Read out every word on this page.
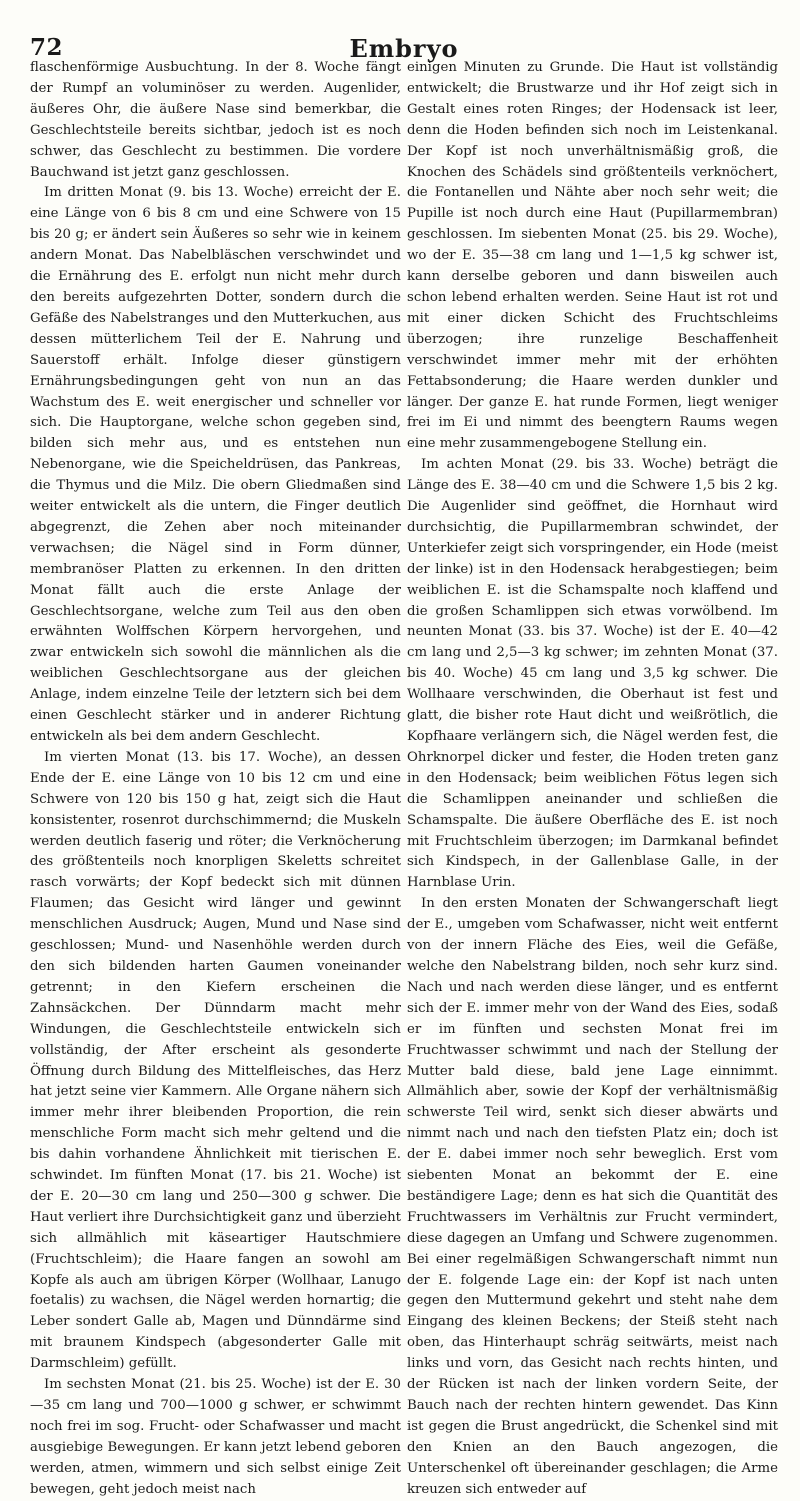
72	Embryo

flaschenförmige Ausbuchtung. In der 8. Woche fängt der Rumpf an voluminöser zu werden. Augenlider, äußeres Ohr, die äußere Nase sind bemerkbar, die Geschlechtsteile bereits sichtbar, jedoch ist es noch schwer, das Geschlecht zu bestimmen. Die vordere Bauchwand ist jetzt ganz geschlossen.

Im dritten Monat (9. bis 13. Woche) erreicht der E. eine Länge von 6 bis 8 cm und eine Schwere von 15 bis 20 g; er ändert sein Äußeres so sehr wie in keinem andern Monat. Das Nabelbläschen verschwindet und die Ernährung des E. erfolgt nun nicht mehr durch den bereits aufgezehrten Dotter, sondern durch die Gefäße des Nabelstranges und den Mutterkuchen, aus dessen mütterlichem Teil der E. Nahrung und Sauerstoff erhält. Infolge dieser günstigern Ernährungsbedingungen geht von nun an das Wachstum des E. weit energischer und schneller vor sich. Die Hauptorgane, welche schon gegeben sind, bilden sich mehr aus, und es entstehen nun Nebenorgane, wie die Speicheldrüsen, das Pankreas, die Thymus und die Milz. Die obern Gliedmaßen sind weiter entwickelt als die untern, die Finger deutlich abgegrenzt, die Zehen aber noch miteinander verwachsen; die Nägel sind in Form dünner, membranöser Platten zu erkennen. In den dritten Monat fällt auch die erste Anlage der Geschlechtsorgane, welche zum Teil aus den oben erwähnten Wolffschen Körpern hervorgehen, und zwar entwickeln sich sowohl die männlichen als die weiblichen Geschlechtsorgane aus der gleichen Anlage, indem einzelne Teile der letztern sich bei dem einen Geschlecht stärker und in anderer Richtung entwickeln als bei dem andern Geschlecht.

Im vierten Monat (13. bis 17. Woche), an dessen Ende der E. eine Länge von 10 bis 12 cm und eine Schwere von 120 bis 150 g hat, zeigt sich die Haut konsistenter, rosenrot durchschimmernd; die Muskeln werden deutlich faserig und röter; die Verknöcherung des größtenteils noch knorpligen Skeletts schreitet rasch vorwärts; der Kopf bedeckt sich mit dünnen Flaumen; das Gesicht wird länger und gewinnt menschlichen Ausdruck; Augen, Mund und Nase sind geschlossen; Mund- und Nasenhöhle werden durch den sich bildenden harten Gaumen voneinander getrennt; in den Kiefern erscheinen die Zahnsäckchen. Der Dünndarm macht mehr Windungen, die Geschlechtsteile entwickeln sich vollständig, der After erscheint als gesonderte Öffnung durch Bildung des Mittelfleisches, das Herz hat jetzt seine vier Kammern. Alle Organe nähern sich immer mehr ihrer bleibenden Proportion, die rein menschliche Form macht sich mehr geltend und die bis dahin vorhandene Ähnlichkeit mit tierischen E. schwindet. Im fünften Monat (17. bis 21. Woche) ist der E. 20—30 cm lang und 250—300 g schwer. Die Haut verliert ihre Durchsichtigkeit ganz und überzieht sich allmählich mit käseartiger Hautschmiere (Fruchtschleim); die Haare fangen an sowohl am Kopfe als auch am übrigen Körper (Wollhaar, Lanugo foetalis) zu wachsen, die Nägel werden hornartig; die Leber sondert Galle ab, Magen und Dünndärme sind mit braunem Kindspech (abgesonderter Galle mit Darmschleim) gefüllt.

Im sechsten Monat (21. bis 25. Woche) ist der E. 30—35 cm lang und 700—1000 g schwer, er schwimmt noch frei im sog. Frucht- oder Schafwasser und macht ausgiebige Bewegungen. Er kann jetzt lebend geboren werden, atmen, wimmern und sich selbst einige Zeit bewegen, geht jedoch meist nach

einigen Minuten zu Grunde. Die Haut ist vollständig entwickelt; die Brustwarze und ihr Hof zeigt sich in Gestalt eines roten Ringes; der Hodensack ist leer, denn die Hoden befinden sich noch im Leistenkanal. Der Kopf ist noch unverhältnismäßig groß, die Knochen des Schädels sind größtenteils verknöchert, die Fontanellen und Nähte aber noch sehr weit; die Pupille ist noch durch eine Haut (Pupillarmembran) geschlossen. Im siebenten Monat (25. bis 29. Woche), wo der E. 35—38 cm lang und 1—1,5 kg schwer ist, kann derselbe geboren und dann bisweilen auch schon lebend erhalten werden. Seine Haut ist rot und mit einer dicken Schicht des Fruchtschleims überzogen; ihre runzelige Beschaffenheit verschwindet immer mehr mit der erhöhten Fettabsonderung; die Haare werden dunkler und länger. Der ganze E. hat runde Formen, liegt weniger frei im Ei und nimmt des beengtern Raums wegen eine mehr zusammengebogene Stellung ein.

Im achten Monat (29. bis 33. Woche) beträgt die Länge des E. 38—40 cm und die Schwere 1,5 bis 2 kg. Die Augenlider sind geöffnet, die Hornhaut wird durchsichtig, die Pupillarmembran schwindet, der Unterkiefer zeigt sich vorspringender, ein Hode (meist der linke) ist in den Hodensack herabgestiegen; beim weiblichen E. ist die Schamspalte noch klaffend und die großen Schamlippen sich etwas vorwölbend. Im neunten Monat (33. bis 37. Woche) ist der E. 40—42 cm lang und 2,5—3 kg schwer; im zehnten Monat (37. bis 40. Woche) 45 cm lang und 3,5 kg schwer. Die Wollhaare verschwinden, die Oberhaut ist fest und glatt, die bisher rote Haut dicht und weißrötlich, die Kopfhaare verlängern sich, die Nägel werden fest, die Ohrknorpel dicker und fester, die Hoden treten ganz in den Hodensack; beim weiblichen Fötus legen sich die Schamlippen aneinander und schließen die Schamspalte. Die äußere Oberfläche des E. ist noch mit Fruchtschleim überzogen; im Darmkanal befindet sich Kindspech, in der Gallenblase Galle, in der Harnblase Urin.

In den ersten Monaten der Schwangerschaft liegt der E., umgeben vom Schafwasser, nicht weit entfernt von der innern Fläche des Eies, weil die Gefäße, welche den Nabelstrang bilden, noch sehr kurz sind. Nach und nach werden diese länger, und es entfernt sich der E. immer mehr von der Wand des Eies, sodaß er im fünften und sechsten Monat frei im Fruchtwasser schwimmt und nach der Stellung der Mutter bald diese, bald jene Lage einnimmt. Allmählich aber, sowie der Kopf der verhältnismäßig schwerste Teil wird, senkt sich dieser abwärts und nimmt nach und nach den tiefsten Platz ein; doch ist der E. dabei immer noch sehr beweglich. Erst vom siebenten Monat an bekommt der E. eine beständigere Lage; denn es hat sich die Quantität des Fruchtwassers im Verhältnis zur Frucht vermindert, diese dagegen an Umfang und Schwere zugenommen. Bei einer regelmäßigen Schwangerschaft nimmt nun der E. folgende Lage ein: der Kopf ist nach unten gegen den Muttermund gekehrt und steht nahe dem Eingang des kleinen Beckens; der Steiß steht nach oben, das Hinterhaupt schräg seitwärts, meist nach links und vorn, das Gesicht nach rechts hinten, und der Rücken ist nach der linken vordern Seite, der Bauch nach der rechten hintern gewendet. Das Kinn ist gegen die Brust angedrückt, die Schenkel sind mit den Knien an den Bauch angezogen, die Unterschenkel oft übereinander geschlagen; die Arme kreuzen sich entweder auf
